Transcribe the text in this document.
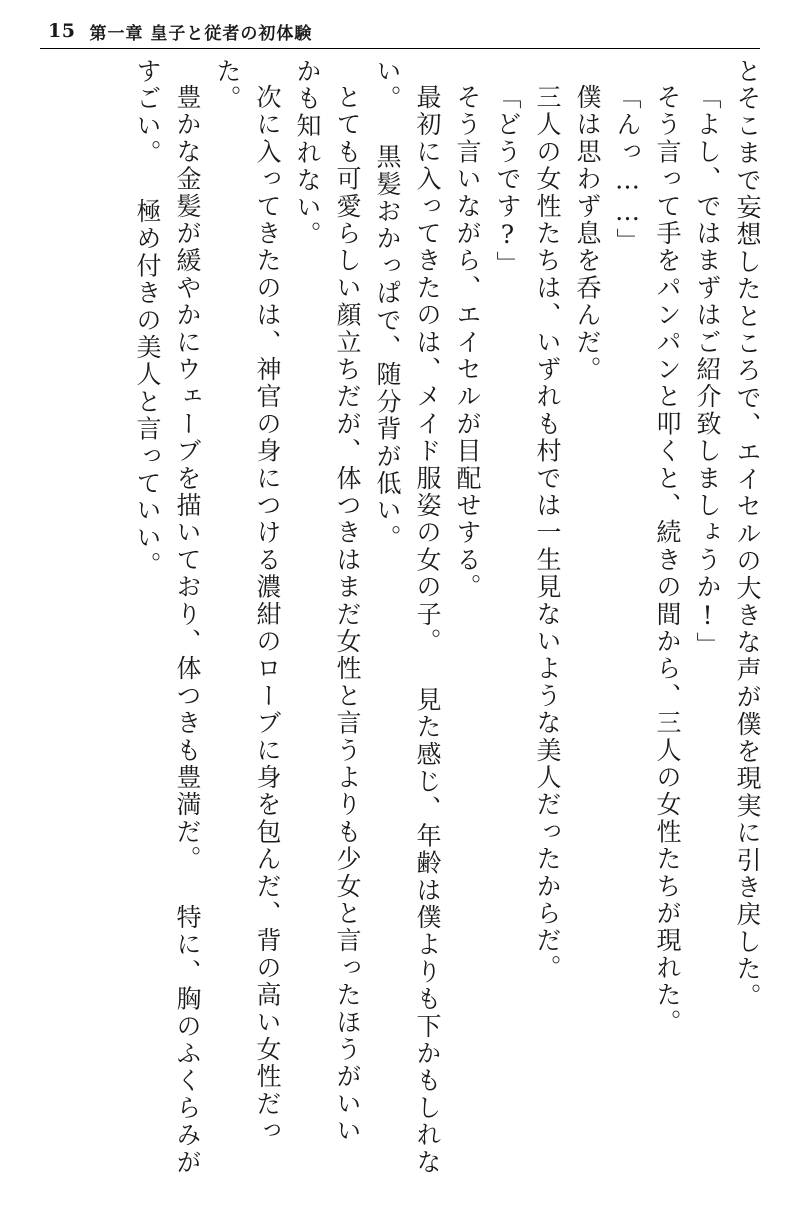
15 第一章 皇子と従者の初体験
とそこまで妄想したところで、エイセルの大きな声が僕を現実に引き戻した。
「よし、ではまずはご紹介致しましょうか!」
そう言って手をパンパンと叩くと、続きの間から、三人の女性たちが現れた。
「んっ……」
僕は思わず息を呑んだ。
三人の女性たちは、いずれも村では一生見ないような美人だったからだ。
「どうです?」
そう言いながら、エイセルが目配せする。
最初に入ってきたのは、メイド服姿の女の子。 見た感じ、年齢は僕よりも下かもしれな
い。 黒髪おかっぱで、随分背が低い。
とても可愛らしい顔立ちだが、体つきはまだ女性と言うよりも少女と言ったほうがいい
かも知れない。
次に入ってきたのは、神官の身につける濃紺のローブに身を包んだ、背の高い女性だっ
た。
豊かな金髪が緩やかにウェーブを描いており、体つきも豊満だ。 特に、胸のふくらみが
すごい。 極め付きの美人と言っていい。
